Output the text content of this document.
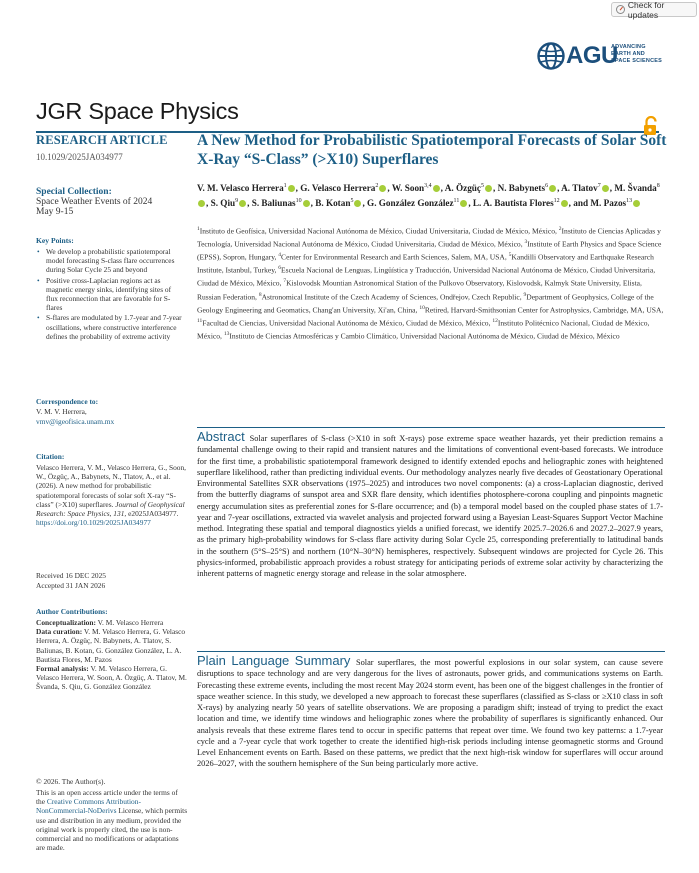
Check for updates
AGU
ADVANCING
EARTH AND
SPACE SCIENCES
JGR Space Physics
RESEARCH ARTICLE
10.1029/2025JA034977
Special Collection:
Space Weather Events of 2024
May 9-15
Key Points:
• We develop a probabilistic spatiotemporal model forecasting S-class flare occurrences during Solar Cycle 25 and beyond
• Positive cross-Laplacian regions act as magnetic energy sinks, identifying sites of flux reconnection that are favorable for S-flares
• S-flares are modulated by 1.7-year and 7-year oscillations, where constructive interference defines the probability of extreme activity
Correspondence to:
V. M. V. Herrera,
vmv@igeofisica.unam.mx
Citation:
Velasco Herrera, V. M., Velasco Herrera, G., Soon, W., Özgüç, A., Babynets, N., Tlatov, A., et al. (2026). A new method for probabilistic spatiotemporal forecasts of solar soft X-ray “S-class” (>X10) superflares. Journal of Geophysical Research: Space Physics, 131, e2025JA034977. https://doi.org/10.1029/2025JA034977
Received 16 DEC 2025
Accepted 31 JAN 2026
Author Contributions:
Conceptualization: V. M. Velasco Herrera
Data curation: V. M. Velasco Herrera, G. Velasco Herrera, A. Özgüç, N. Babynets, A. Tlatov, S. Baliunas, B. Kotan, G. González González, L. A. Bautista Flores, M. Pazos
Formal analysis: V. M. Velasco Herrera, G. Velasco Herrera, W. Soon, A. Özgüç, A. Tlatov, M. Švanda, S. Qiu, G. González González
© 2026. The Author(s).
This is an open access article under the terms of the Creative Commons Attribution-NonCommercial-NoDerivs License, which permits use and distribution in any medium, provided the original work is properly cited, the use is non-commercial and no modifications or adaptations are made.
A New Method for Probabilistic Spatiotemporal Forecasts of Solar Soft X-Ray “S-Class” (>X10) Superflares
V. M. Velasco Herrera$^1$ , G. Velasco Herrera$^2$ , W. Soon$^{3,4}$ , A. Özgüç$^5$ , N. Babynets$^6$ , A. Tlatov$^7$ , M. Švanda$^8$, S. Qiu$^9$ , S. Baliunas$^{10}$ , B. Kotan$^5$ , G. González González$^{11}$ , L. A. Bautista Flores$^{12}$ , and M. Pazos$^{13}$
$^1$Instituto de Geofísica, Universidad Nacional Autónoma de México, Ciudad Universitaria, Ciudad de México, México, $^2$Instituto de Ciencias Aplicadas y Tecnología, Universidad Nacional Autónoma de México, Ciudad Universitaria, Ciudad de México, México, $^3$Institute of Earth Physics and Space Science (EPSS), Sopron, Hungary, $^4$Center for Environmental Research and Earth Sciences, Salem, MA, USA, $^5$Kandilli Observatory and Earthquake Research Institute, Istanbul, Turkey, $^6$Escuela Nacional de Lenguas, Lingüística y Traducción, Universidad Nacional Autónoma de México, Ciudad Universitaria, Ciudad de México, México, $^7$Kislovodsk Mountian Astronomical Station of the Pulkovo Observatory, Kislovodsk, Kalmyk State University, Elista, Russian Federation, $^8$Astronomical Institute of the Czech Academy of Sciences, Ondřejov, Czech Republic, $^9$Department of Geophysics, College of the Geology Engineering and Geomatics, Chang'an University, Xi'an, China, $^{10}$Retired, Harvard-Smithsonian Center for Astrophysics, Cambridge, MA, USA, $^{11}$Facultad de Ciencias, Universidad Nacional Autónoma de México, Ciudad de México, México, $^{12}$Instituto Politécnico Nacional, Ciudad de México, México, $^{13}$Instituto de Ciencias Atmosféricas y Cambio Climático, Universidad Nacional Autónoma de México, Ciudad de México, México
Abstract Solar superflares of S-class (>X10 in soft X-rays) pose extreme space weather hazards, yet their prediction remains a fundamental challenge owing to their rapid and transient natures and the limitations of conventional event-based forecasts. We introduce for the first time, a probabilistic spatiotemporal framework designed to identify extended epochs and heliographic zones with heightened superflare likelihood, rather than predicting individual events. Our methodology analyzes nearly five decades of Geostationary Operational Environmental Satellites SXR observations (1975–2025) and introduces two novel components: (a) a cross-Laplacian diagnostic, derived from the butterfly diagrams of sunspot area and SXR flare density, which identifies photosphere-corona coupling and pinpoints magnetic energy accumulation sites as preferential zones for S-flare occurrence; and (b) a temporal model based on the coupled phase states of 1.7-year and 7-year oscillations, extracted via wavelet analysis and projected forward using a Bayesian Least-Squares Support Vector Machine method. Integrating these spatial and temporal diagnostics yields a unified forecast, we identify 2025.7–2026.6 and 2027.2–2027.9 years, as the primary high-probability windows for S-class flare activity during Solar Cycle 25, corresponding preferentially to latitudinal bands in the southern (5°S–25°S) and northern (10°N–30°N) hemispheres, respectively. Subsequent windows are projected for Cycle 26. This physics-informed, probabilistic approach provides a robust strategy for anticipating periods of extreme solar activity by characterizing the inherent patterns of magnetic energy storage and release in the solar atmosphere.
Plain Language Summary Solar superflares, the most powerful explosions in our solar system, can cause severe disruptions to space technology and are very dangerous for the lives of astronauts, power grids, and communications systems on Earth. Forecasting these extreme events, including the most recent May 2024 storm event, has been one of the biggest challenges in the frontier of space weather science. In this study, we developed a new approach to forecast these superflares (classified as S-class or ≥X10 class in soft X-rays) by analyzing nearly 50 years of satellite observations. We are proposing a paradigm shift; instead of trying to predict the exact location and time, we identify time windows and heliographic zones where the probability of superflares is significantly enhanced. Our analysis reveals that these extreme flares tend to occur in specific patterns that repeat over time. We found two key patterns: a 1.7-year cycle and a 7-year cycle that work together to create the identified high-risk periods including intense geomagnetic storms and Ground Level Enhancement events on Earth. Based on these patterns, we predict that the next high-risk window for superflares will occur around 2026–2027, with the southern hemisphere of the Sun being particularly more active.
